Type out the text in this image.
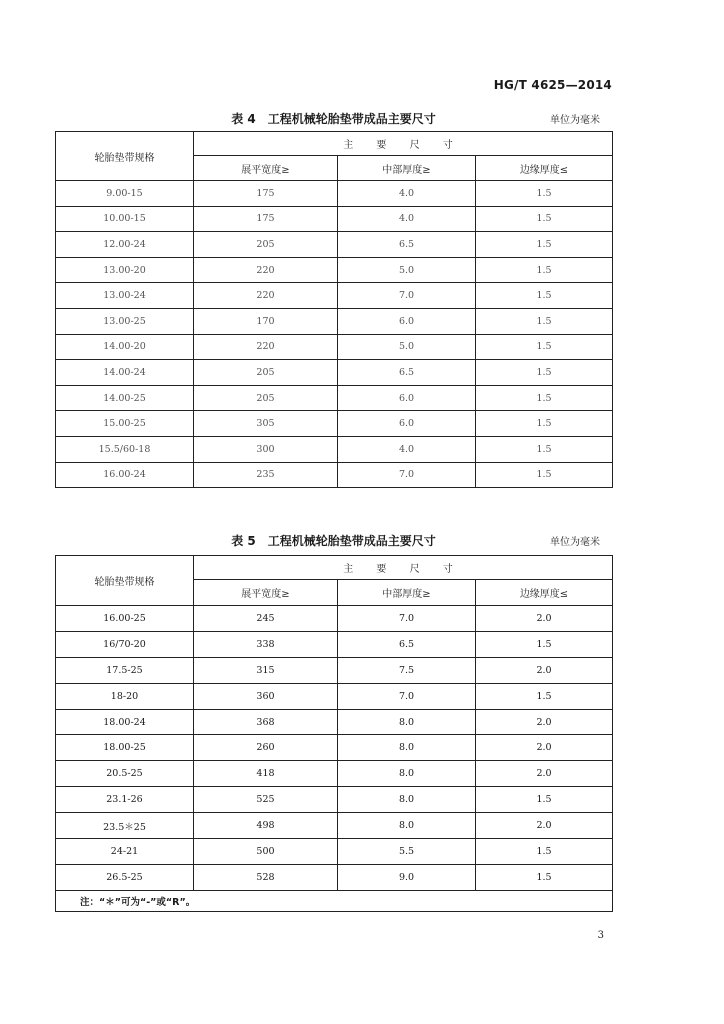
HG/T 4625—2014
表 4　工程机械轮胎垫带成品主要尺寸	单位为毫米
轮胎垫带规格	主 要 尺 寸		
	展平宽度≥	中部厚度≥	边缘厚度≤
9.00-15	175	4.0	1.5
10.00-15	175	4.0	1.5
12.00-24	205	6.5	1.5
13.00-20	220	5.0	1.5
13.00-24	220	7.0	1.5
13.00-25	170	6.0	1.5
14.00-20	220	5.0	1.5
14.00-24	205	6.5	1.5
14.00-25	205	6.0	1.5
15.00-25	305	6.0	1.5
15.5/60-18	300	4.0	1.5
16.00-24	235	7.0	1.5
表 5　工程机械轮胎垫带成品主要尺寸	单位为毫米
轮胎垫带规格	主 要 尺 寸		
	展平宽度≥	中部厚度≥	边缘厚度≤
16.00-25	245	7.0	2.0
16/70-20	338	6.5	1.5
17.5-25	315	7.5	2.0
18-20	360	7.0	1.5
18.00-24	368	8.0	2.0
18.00-25	260	8.0	2.0
20.5-25	418	8.0	2.0
23.1-26	525	8.0	1.5
23.5＊25	498	8.0	2.0
24-21	500	5.5	1.5
26.5-25	528	9.0	1.5
注：“＊”可为“-”或“R”。			
3
